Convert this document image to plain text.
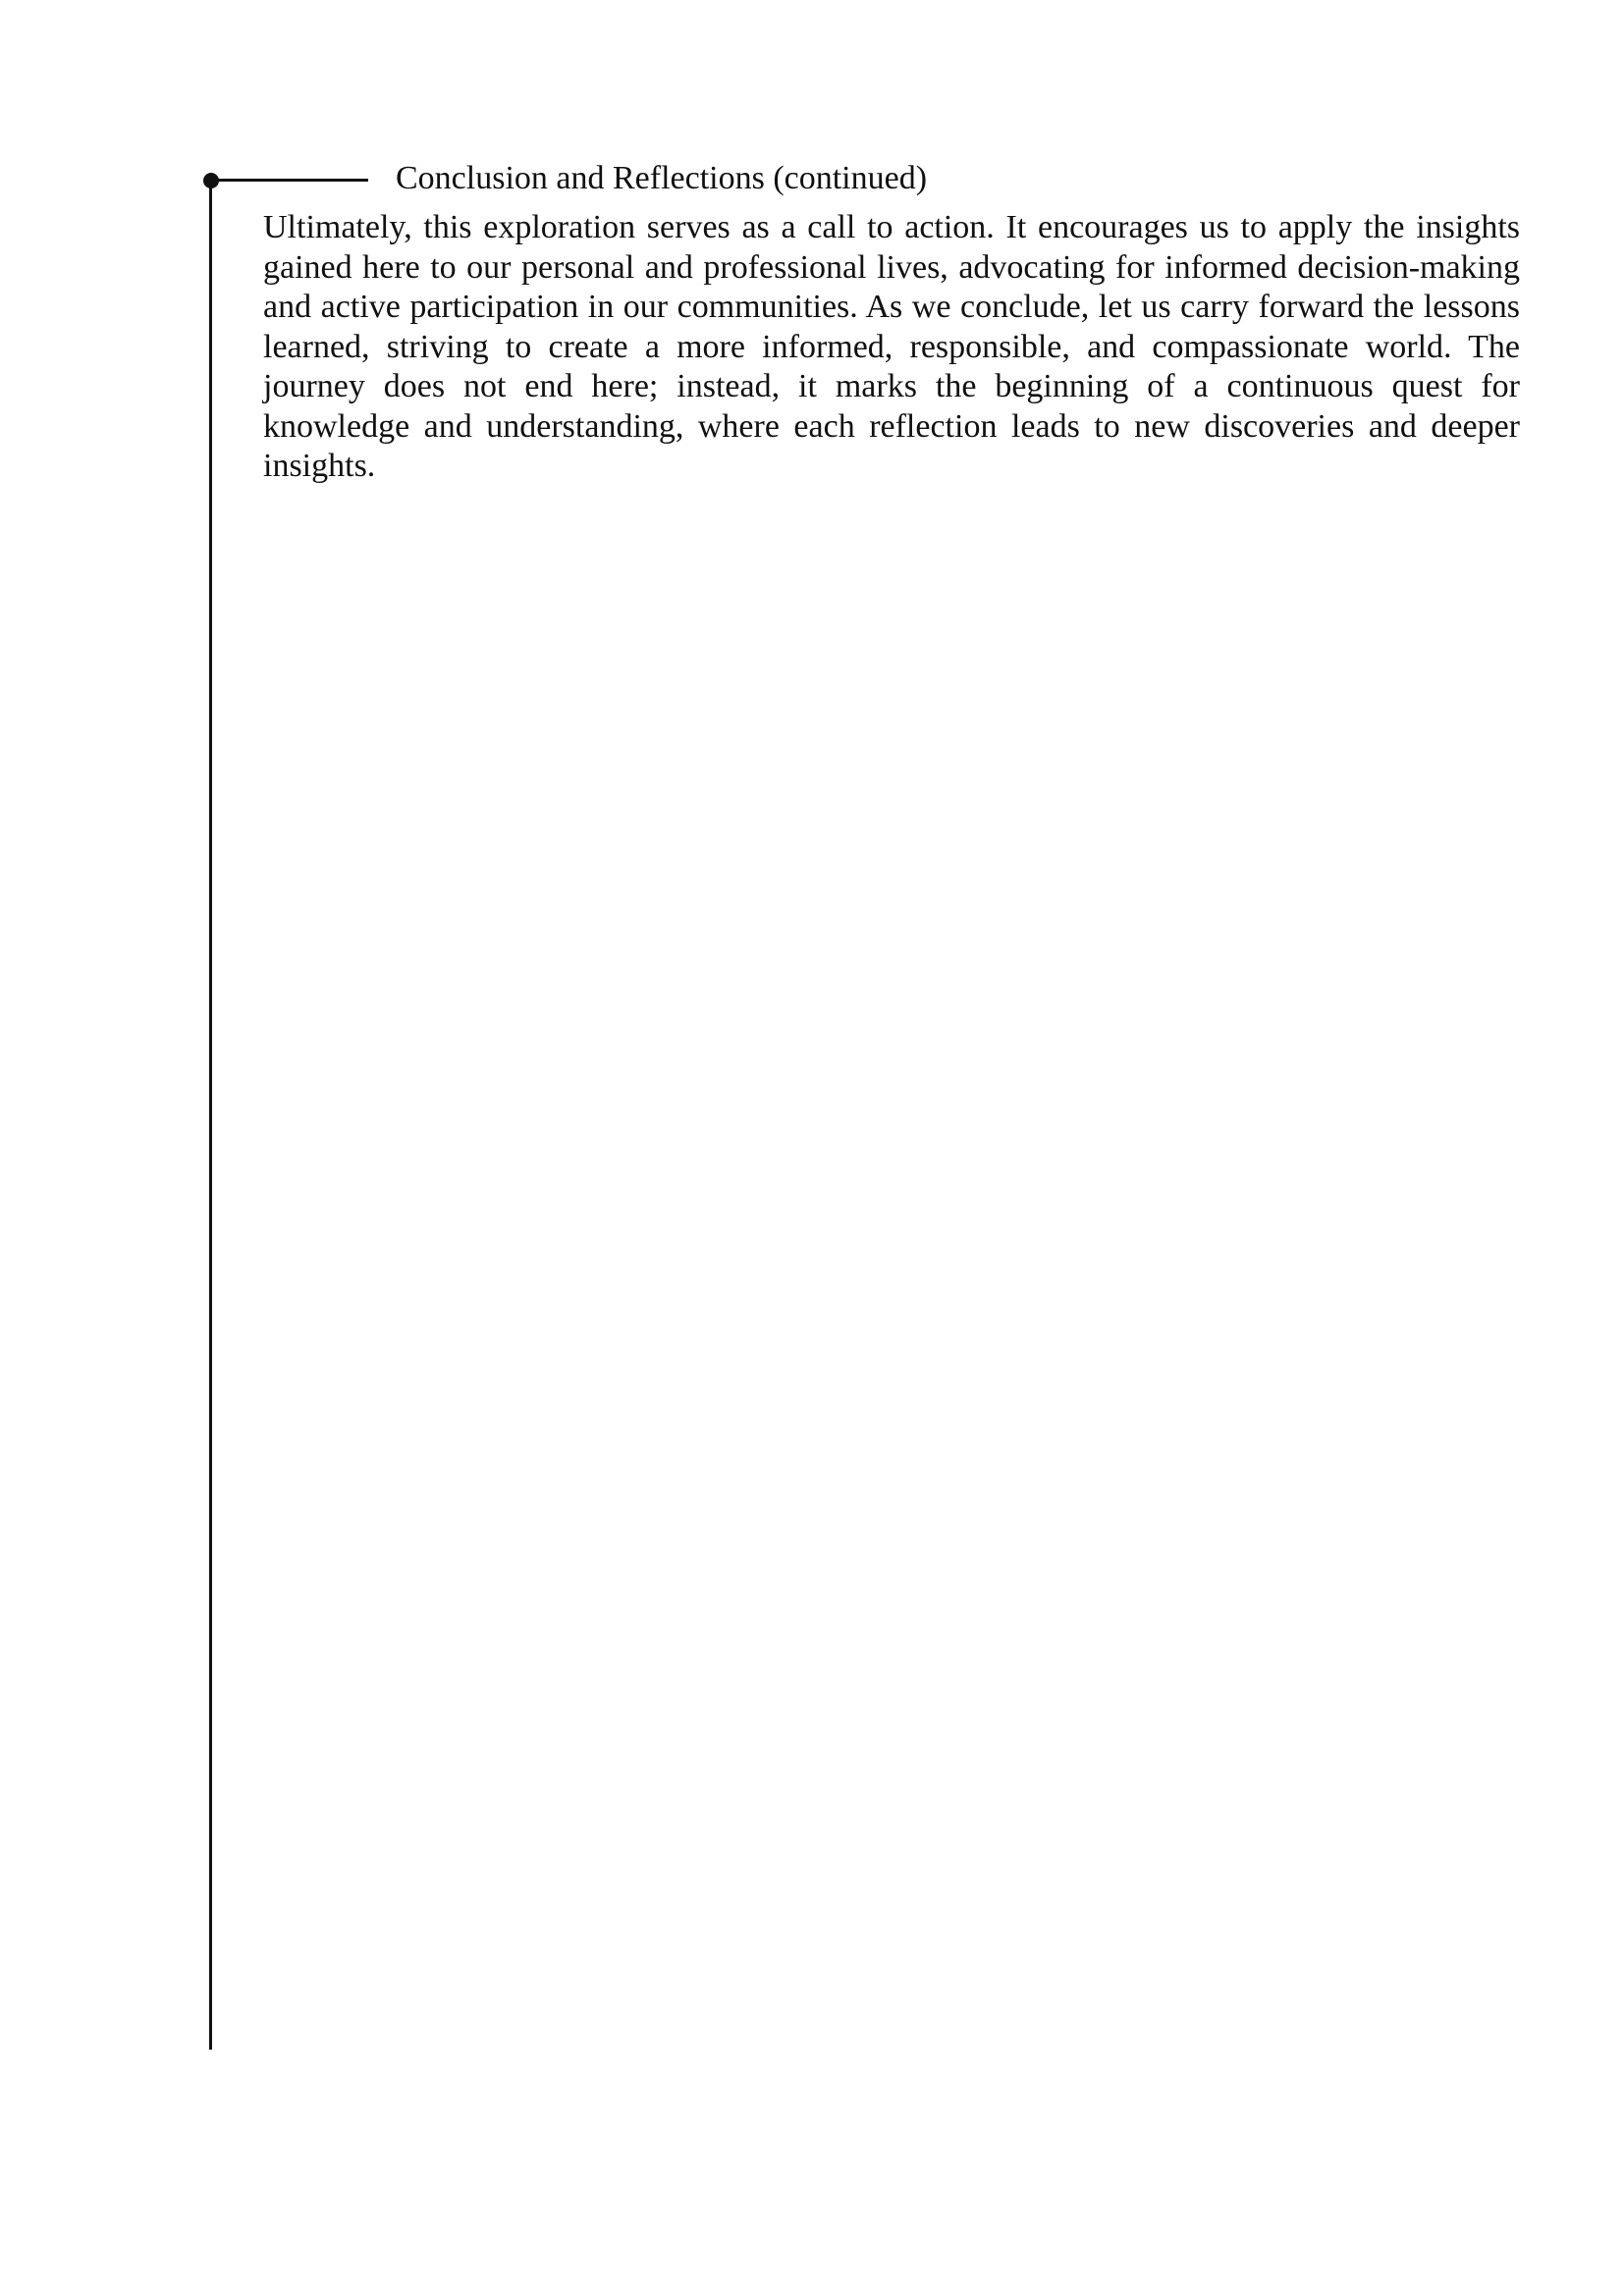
Conclusion and Reflections (continued)

Ultimately, this exploration serves as a call to action. It encourages us to apply the insights gained here to our personal and professional lives, advocating for informed decision-making and active participation in our communities. As we conclude, let us carry forward the lessons learned, striving to create a more informed, responsible, and compassionate world. The journey does not end here; instead, it marks the beginning of a continuous quest for knowledge and understanding, where each reflection leads to new discoveries and deeper insights.
